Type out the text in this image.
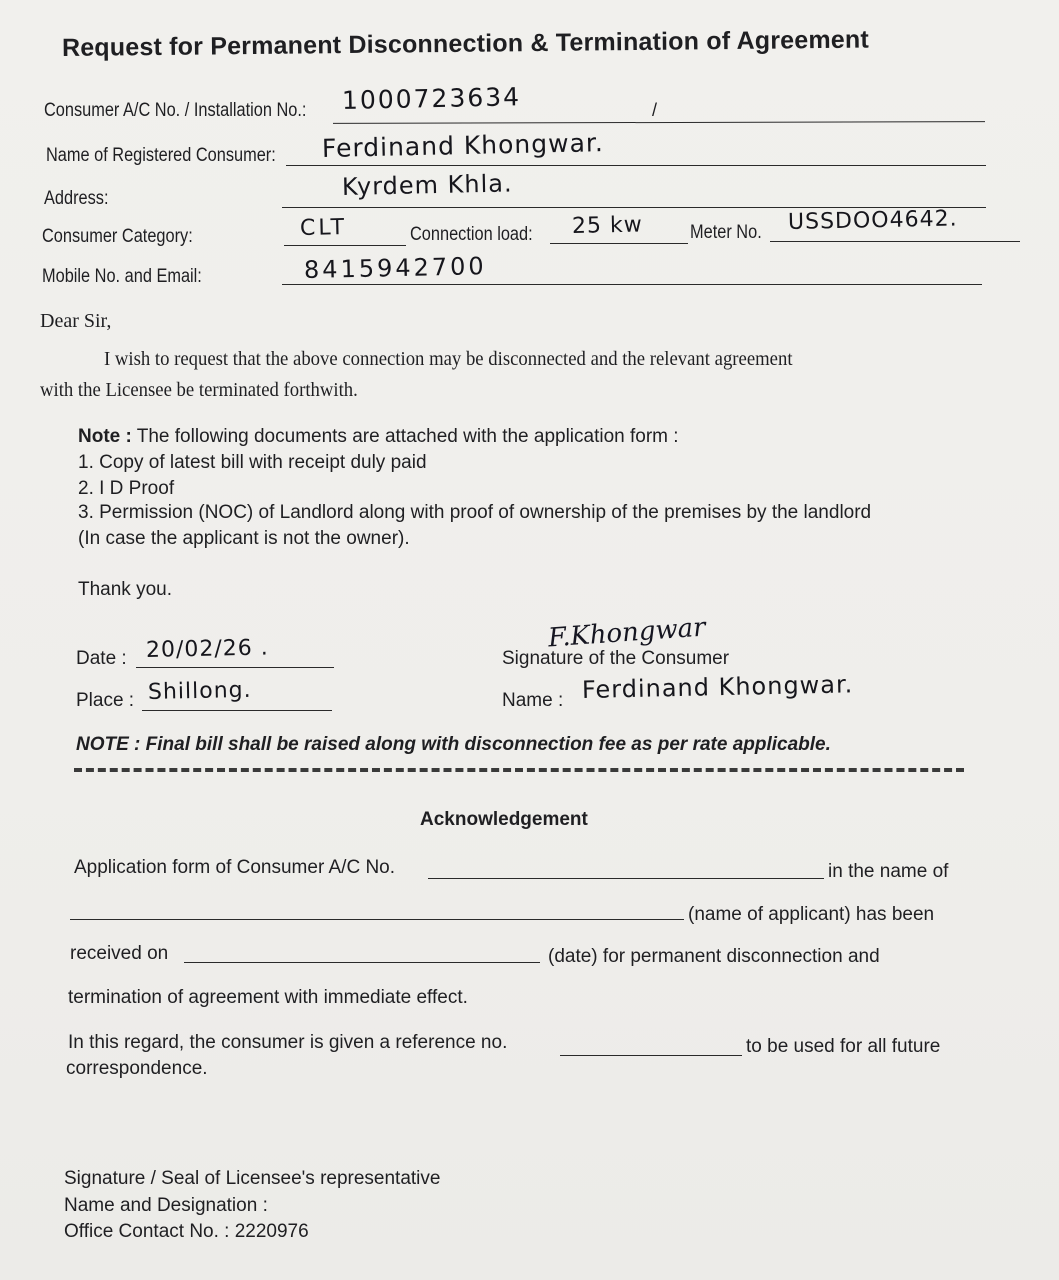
Request for Permanent Disconnection & Termination of Agreement
Consumer A/C No. / Installation No.: 1000723634	/
Name of Registered Consumer: Ferdinand Khongwar.
Address:	Kyrdem Khla.
Consumer Category:	CLT	Connection load: 25 kw Meter No. USSDOO4642.
Mobile No. and Email:	8415942700
Dear Sir,
I wish to request that the above connection may be disconnected and the relevant agreement
with the Licensee be terminated forthwith.
Note : The following documents are attached with the application form :
1. Copy of latest bill with receipt duly paid
2. I D Proof
3. Permission (NOC) of Landlord along with proof of ownership of the premises by the landlord
(In case the applicant is not the owner).
Thank you.
Date : 20/02/26 .
Place : Shillong.
F.Khongwar
Signature of the Consumer
Name : Ferdinand Khongwar.
NOTE : Final bill shall be raised along with disconnection fee as per rate applicable.
Acknowledgement
Application form of Consumer A/C No.	in the name of
(name of applicant) has been
received on	(date) for permanent disconnection and
termination of agreement with immediate effect.
In this regard, the consumer is given a reference no.	to be used for all future
correspondence.
Signature / Seal of Licensee's representative
Name and Designation :
Office Contact No. : 2220976
